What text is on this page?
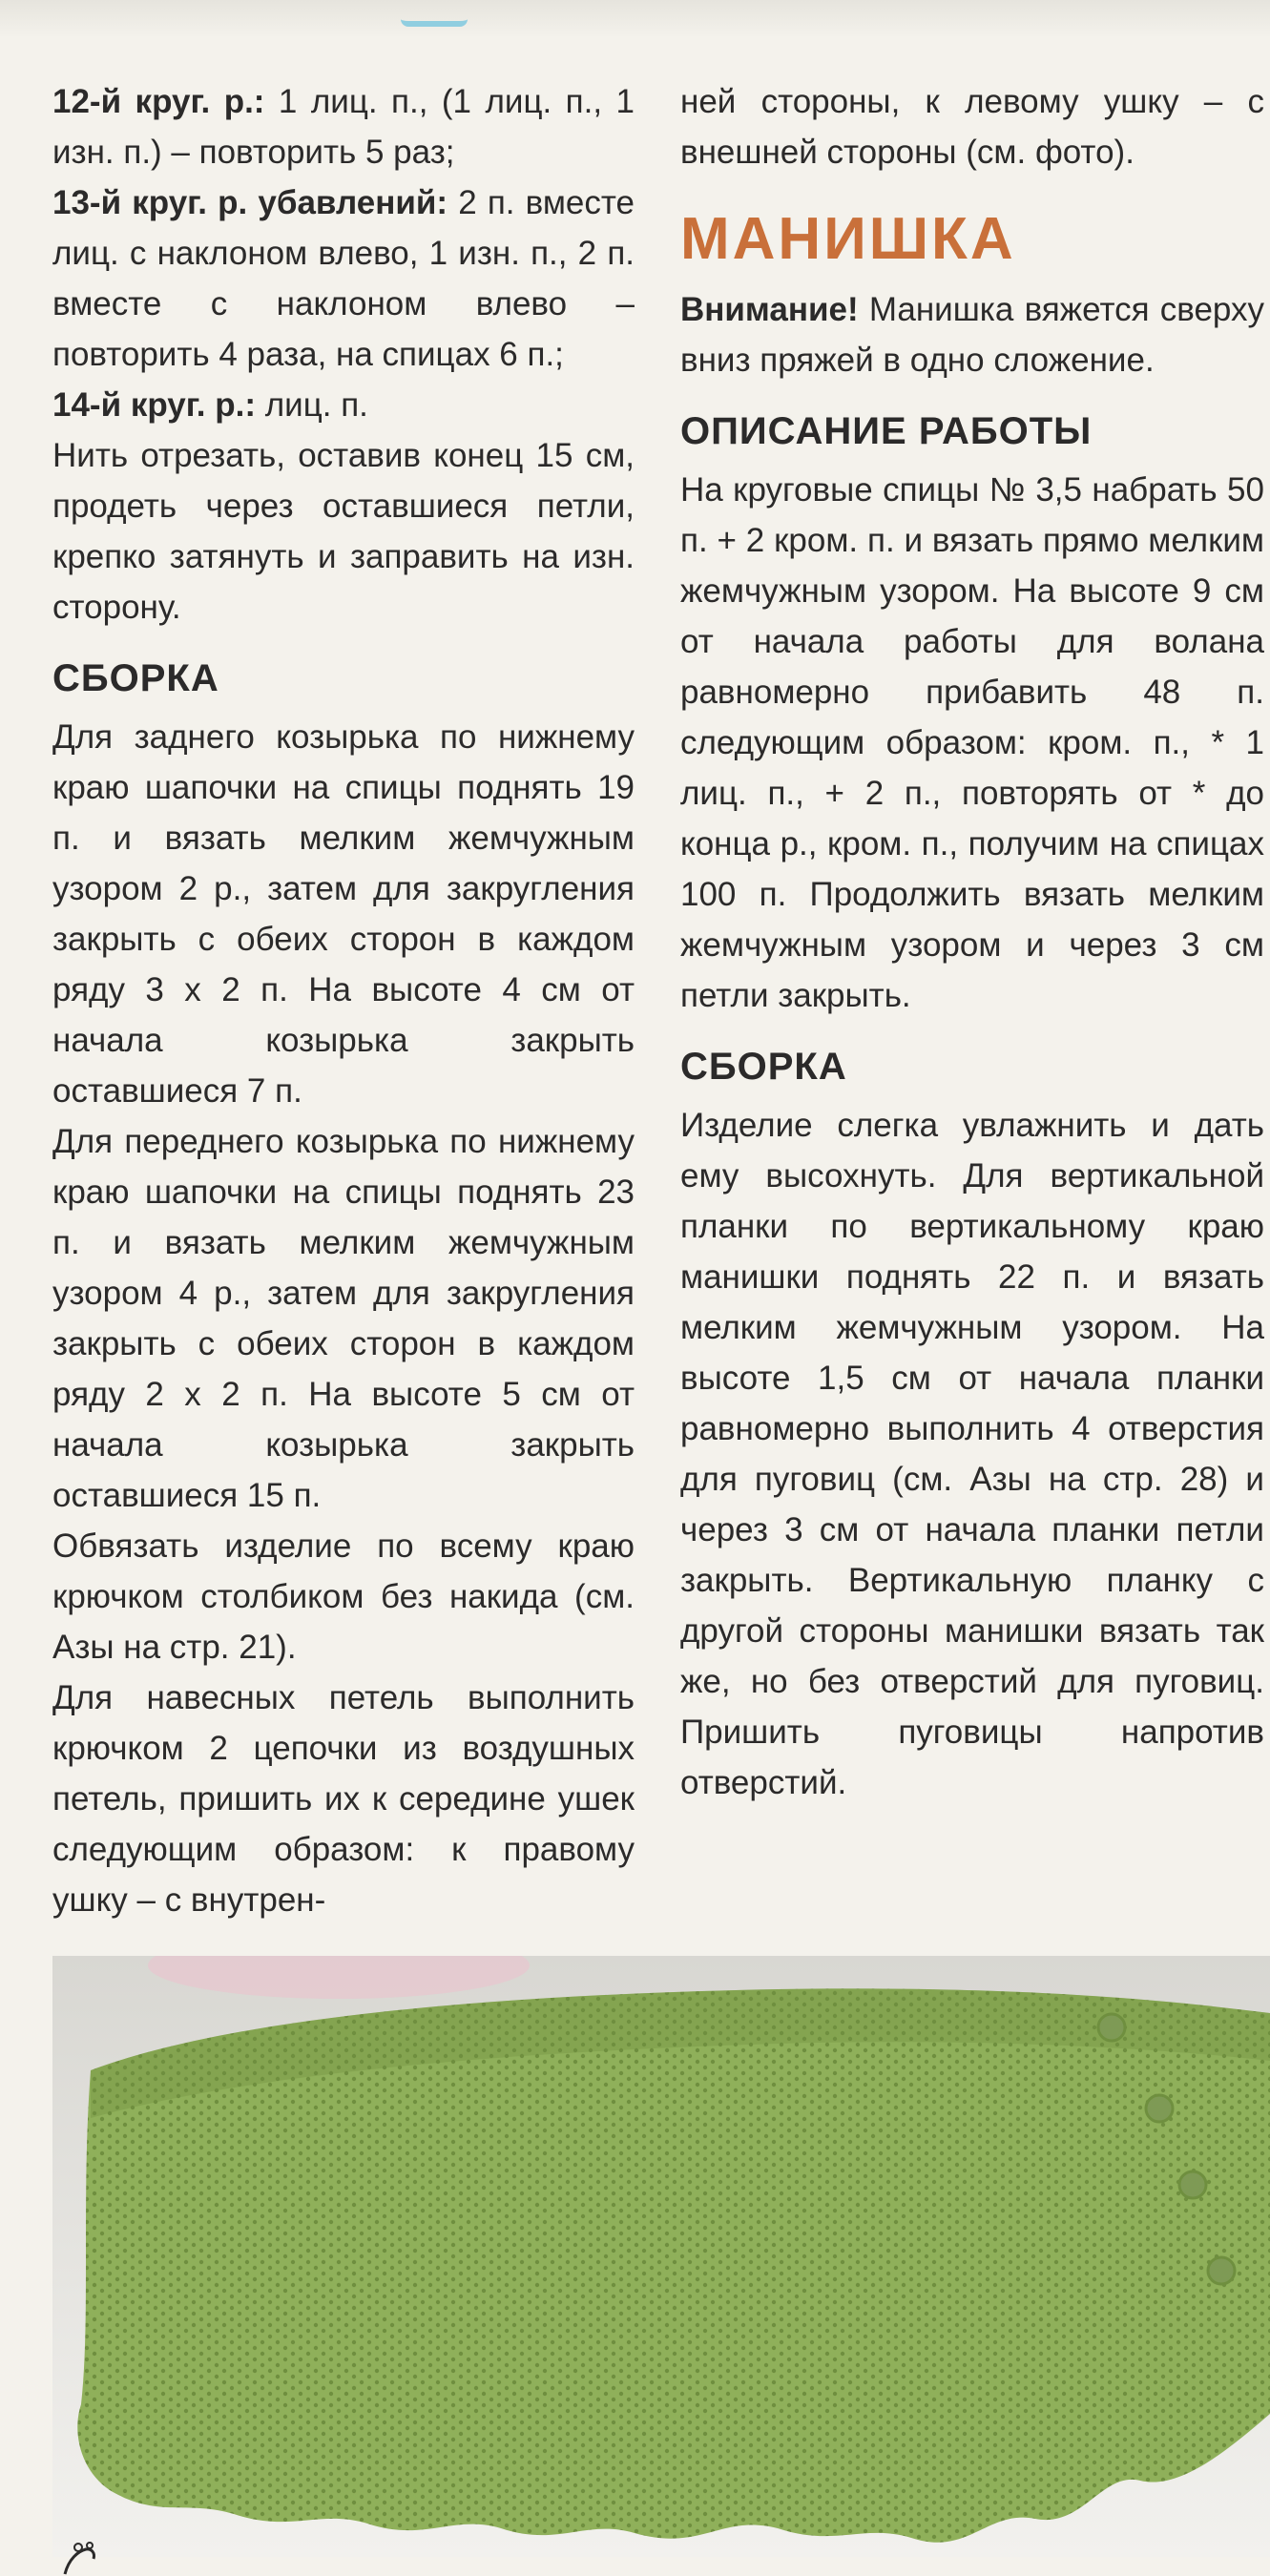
12-й круг. р.: 1 лиц. п., (1 лиц. п., 1 изн. п.) – повторить 5 раз;

13-й круг. р. убавлений: 2 п. вместе лиц. с наклоном влево, 1 изн. п., 2 п. вместе с наклоном влево – повторить 4 раза, на спицах 6 п.;

14-й круг. р.: лиц. п.

Нить отрезать, оставив конец 15 см, продеть через оставшиеся петли, крепко затянуть и заправить на изн. сторону.

СБОРКА

Для заднего козырька по нижнему краю шапочки на спицы поднять 19 п. и вязать мелким жемчужным узором 2 р., затем для закругления закрыть с обеих сторон в каждом ряду 3 х 2 п. На высоте 4 см от начала козырька закрыть оставшиеся 7 п.

Для переднего козырька по нижнему краю шапочки на спицы поднять 23 п. и вязать мелким жемчужным узором 4 р., затем для закругления закрыть с обеих сторон в каждом ряду 2 х 2 п. На высоте 5 см от начала козырька закрыть оставшиеся 15 п.

Обвязать изделие по всему краю крючком столбиком без накида (см. Азы на стр. 21).

Для навесных петель выполнить крючком 2 цепочки из воздушных петель, пришить их к середине ушек следующим образом: к правому ушку – с внутрен-

ней стороны, к левому ушку – с внешней стороны (см. фото).

МАНИШКА

Внимание! Манишка вяжется сверху вниз пряжей в одно сложение.

ОПИСАНИЕ РАБОТЫ

На круговые спицы № 3,5 набрать 50 п. + 2 кром. п. и вязать прямо мелким жемчужным узором. На высоте 9 см от начала работы для волана равномерно прибавить 48 п. следующим образом: кром. п., * 1 лиц. п., + 2 п., повторять от * до конца р., кром. п., получим на спицах 100 п. Продолжить вязать мелким жемчужным узором и через 3 см петли закрыть.

СБОРКА

Изделие слегка увлажнить и дать ему высохнуть. Для вертикальной планки по вертикальному краю манишки поднять 22 п. и вязать мелким жемчужным узором. На высоте 1,5 см от начала планки равномерно выполнить 4 отверстия для пуговиц (см. Азы на стр. 28) и через 3 см от начала планки петли закрыть. Вертикальную планку с другой стороны манишки вязать так же, но без отверстий для пуговиц. Пришить пуговицы напротив отверстий.
